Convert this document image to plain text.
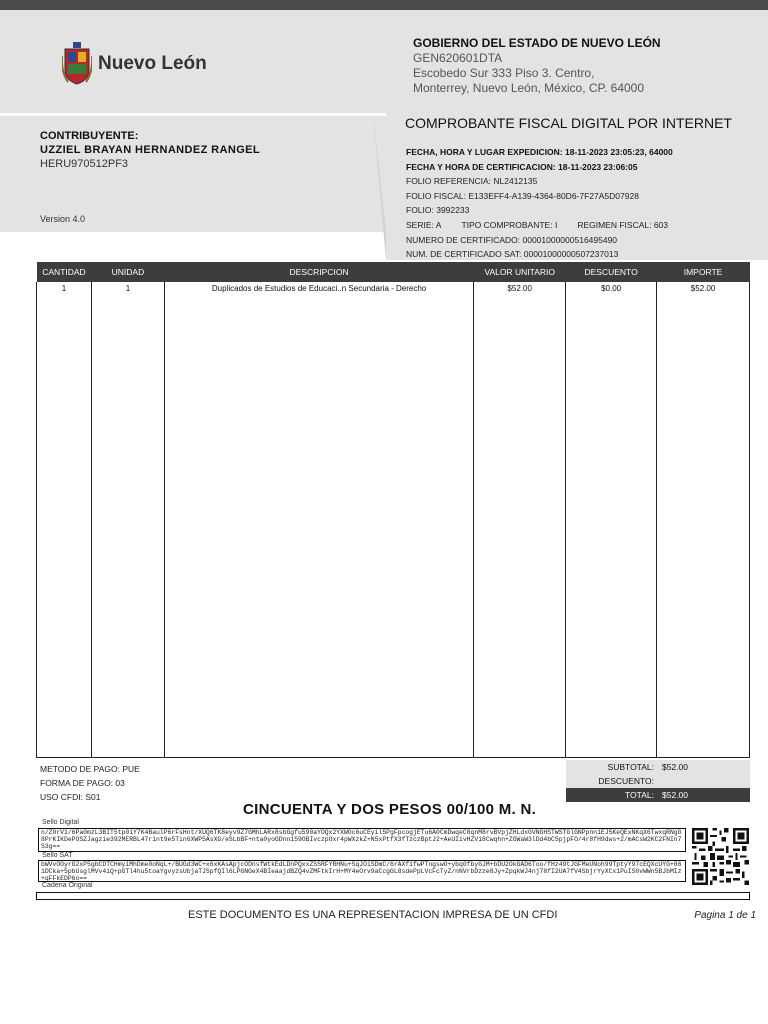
Nuevo León
GOBIERNO DEL ESTADO DE NUEVO LEÓN
GEN620601DTA
Escobedo Sur 333 Piso 3. Centro,
Monterrey, Nuevo León, México, CP. 64000
CONTRIBUYENTE:
UZZIEL BRAYAN HERNANDEZ RANGEL
HERU970512PF3
Version 4.0
COMPROBANTE FISCAL DIGITAL POR INTERNET
FECHA, HORA Y LUGAR EXPEDICION: 18-11-2023 23:05:23, 64000
FECHA Y HORA DE CERTIFICACION: 18-11-2023 23:06:05
FOLIO REFERENCIA: NL2412135
FOLIO FISCAL: E133EFF4-A139-4364-80D6-7F27A5D07928
FOLIO: 3992233
SERIE: A TIPO COMPROBANTE: I REGIMEN FISCAL: 603
NUMERO DE CERTIFICADO: 00001000000516495490
NUM. DE CERTIFICADO SAT: 00001000000507237013
CANTIDAD	UNIDAD	DESCRIPCION	VALOR UNITARIO	DESCUENTO	IMPORTE
1	1	Duplicados de Estudios de Educaci..n Secundaria - Derecho	$52.00	$0.00	$52.00

METODO DE PAGO: PUE
FORMA DE PAGO: 03
USO CFDI: S01
SUBTOTAL: $52.00
DESCUENTO:
TOTAL: $52.00
CINCUENTA Y DOS PESOS 00/100 M. N.
Sello Digital
n/Z0rV1/6Pa0mzL3BIT5tp0iY7K4BaulP6rFsHnt/XUQ6TK8eyv9Z7GMhLARx8sbGgfu590aYOQx2YXWOc6uCEyil5PgFpcogjETu6A0CmDwqeC8qnM8rvBVpjZHLdxGVNGHSTWSTGlGNPpnn1EJ5KeQExNKqX6TwxqRNgG8PrKIKDePOSZJagzie392MERBL47rint9e5Tin6XWP5AsXG/eSLbBF+nta0yoGDnn159OBIvczpOxr4pWXzkZ+N5xPtfX3fTzczBptJ2+AeUIivHZVi8Cwqhn+ZGWaW3lDd4bC5pjpFO/4r8fH9dws+2/mACsW2KC2FNIn7S3g==
Sello SAT
bWVvOOyrG2xP5gbCDTCHmyiMhDme0oNqL+/BUGd3WC+x6xKAsApjcODnsfWtkEdLDnPQxxZSSRFYRHNu+SqJOiSDmC/6rAXfifwPTngswO+ybq0fbyGJM+bDU2OkGAD6Too/fHz49tJGFMeUNoh99TptyY97cEQXcUYG+861DCka+5pbUsglMVv4iQ+pGTl4hu5toaYgvyzsUbjaTJSpfQIl6LPGNGeX4BIeaajdBZQ4vZMFtkIrH+MY4eOrv9aCcgGL8sdePpLVcFcTyZ/nNVrbDzze8Jy+ZpqkWJ4nj78fI2UA7fV4SbjrYyXCx1PuIS0vWWn5BJbMIz+qFFkEDP6o==
Cadena Original
ESTE DOCUMENTO ES UNA REPRESENTACION IMPRESA DE UN CFDI	Pagina 1 de 1
